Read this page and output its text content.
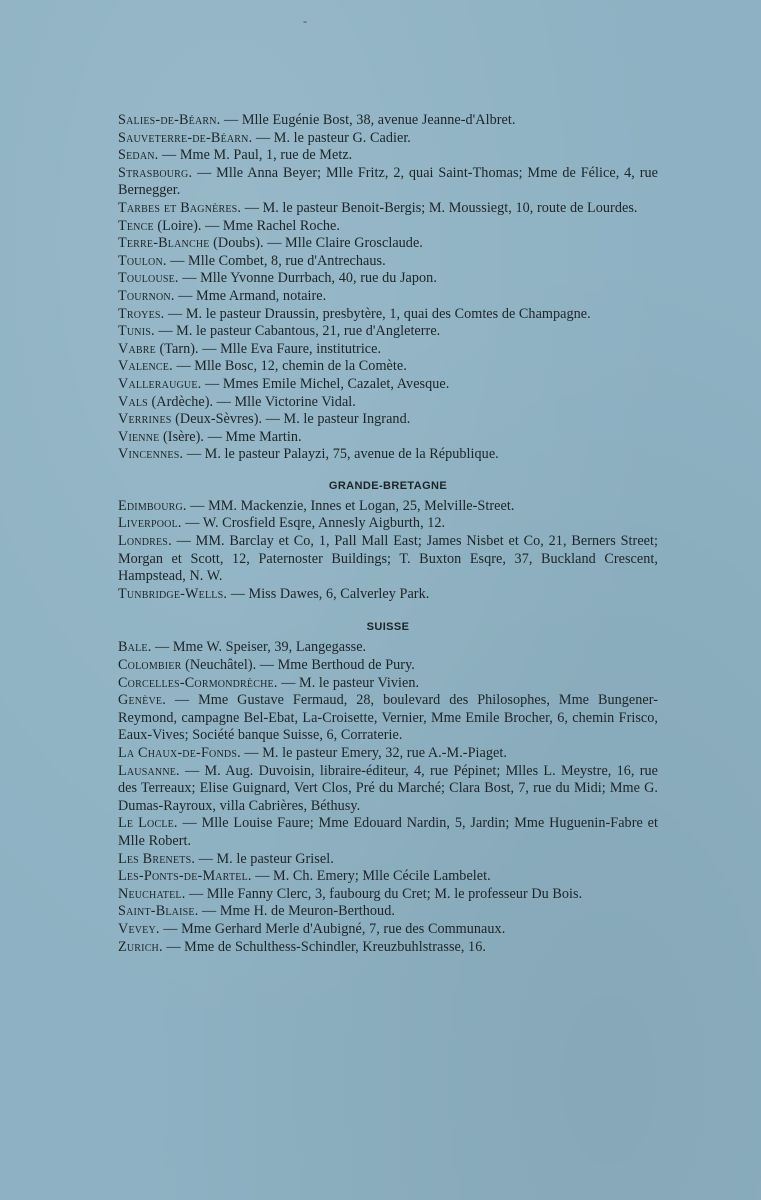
-
Salies-de-Béarn. — Mlle Eugénie Bost, 38, avenue Jeanne-d'Albret.
Sauveterre-de-Béarn. — M. le pasteur G. Cadier.
Sedan. — Mme M. Paul, 1, rue de Metz.
Strasbourg. — Mlle Anna Beyer; Mlle Fritz, 2, quai Saint-Thomas; Mme de Félice, 4, rue Bernegger.
Tarbes et Bagnères. — M. le pasteur Benoit-Bergis; M. Moussiegt, 10, route de Lourdes.
Tence (Loire). — Mme Rachel Roche.
Terre-Blanche (Doubs). — Mlle Claire Grosclaude.
Toulon. — Mlle Combet, 8, rue d'Antrechaus.
Toulouse. — Mlle Yvonne Durrbach, 40, rue du Japon.
Tournon. — Mme Armand, notaire.
Troyes. — M. le pasteur Draussin, presbytère, 1, quai des Comtes de Champagne.
Tunis. — M. le pasteur Cabantous, 21, rue d'Angleterre.
Vabre (Tarn). — Mlle Eva Faure, institutrice.
Valence. — Mlle Bosc, 12, chemin de la Comète.
Valleraugue. — Mmes Emile Michel, Cazalet, Avesque.
Vals (Ardèche). — Mlle Victorine Vidal.
Verrines (Deux-Sèvres). — M. le pasteur Ingrand.
Vienne (Isère). — Mme Martin.
Vincennes. — M. le pasteur Palayzi, 75, avenue de la République.
GRANDE-BRETAGNE
Edimbourg. — MM. Mackenzie, Innes et Logan, 25, Melville-Street.
Liverpool. — W. Crosfield Esqre, Annesly Aigburth, 12.
Londres. — MM. Barclay et Co, 1, Pall Mall East; James Nisbet et Co, 21, Berners Street; Morgan et Scott, 12, Paternoster Buildings; T. Buxton Esqre, 37, Buckland Crescent, Hampstead, N. W.
Tunbridge-Wells. — Miss Dawes, 6, Calverley Park.
SUISSE
Bale. — Mme W. Speiser, 39, Langegasse.
Colombier (Neuchâtel). — Mme Berthoud de Pury.
Corcelles-Cormondrèche. — M. le pasteur Vivien.
Genève. — Mme Gustave Fermaud, 28, boulevard des Philosophes, Mme Bungener-Reymond, campagne Bel-Ebat, La-Croisette, Vernier, Mme Emile Brocher, 6, chemin Frisco, Eaux-Vives; Société banque Suisse, 6, Corraterie.
La Chaux-de-Fonds. — M. le pasteur Emery, 32, rue A.-M.-Piaget.
Lausanne. — M. Aug. Duvoisin, libraire-éditeur, 4, rue Pépinet; Mlles L. Meystre, 16, rue des Terreaux; Elise Guignard, Vert Clos, Pré du Marché; Clara Bost, 7, rue du Midi; Mme G. Dumas-Rayroux, villa Cabrières, Béthusy.
Le Locle. — Mlle Louise Faure; Mme Edouard Nardin, 5, Jardin; Mme Huguenin-Fabre et Mlle Robert.
Les Brenets. — M. le pasteur Grisel.
Les-Ponts-de-Martel. — M. Ch. Emery; Mlle Cécile Lambelet.
Neuchatel. — Mlle Fanny Clerc, 3, faubourg du Cret; M. le professeur Du Bois.
Saint-Blaise. — Mme H. de Meuron-Berthoud.
Vevey. — Mme Gerhard Merle d'Aubigné, 7, rue des Communaux.
Zurich. — Mme de Schulthess-Schindler, Kreuzbuhlstrasse, 16.
